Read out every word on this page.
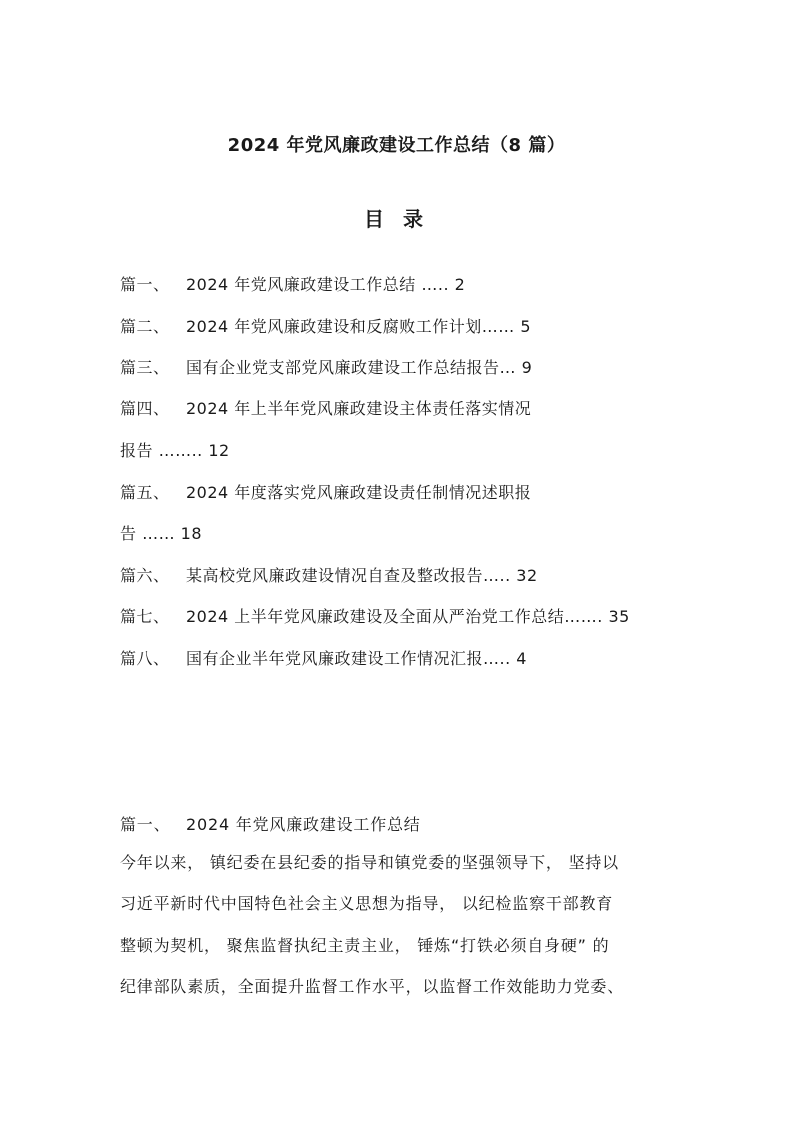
2024 年党风廉政建设工作总结（8 篇）
目 录
篇一、 2024 年党风廉政建设工作总结 ….. 2
篇二、 2024 年党风廉政建设和反腐败工作计划…… 5
篇三、 国有企业党支部党风廉政建设工作总结报告… 9
篇四、 2024 年上半年党风廉政建设主体责任落实情况
报告 …….. 12
篇五、 2024 年度落实党风廉政建设责任制情况述职报
告 …… 18
篇六、 某高校党风廉政建设情况自查及整改报告….. 32
篇七、 2024 上半年党风廉政建设及全面从严治党工作总结……. 35
篇八、 国有企业半年党风廉政建设工作情况汇报….. 4
篇一、 2024 年党风廉政建设工作总结
今年以来， 镇纪委在县纪委的指导和镇党委的坚强领导下， 坚持以
习近平新时代中国特色社会主义思想为指导， 以纪检监察干部教育
整顿为契机， 聚焦监督执纪主责主业， 锤炼“打铁必须自身硬” 的
纪律部队素质，全面提升监督工作水平，以监督工作效能助力党委、
